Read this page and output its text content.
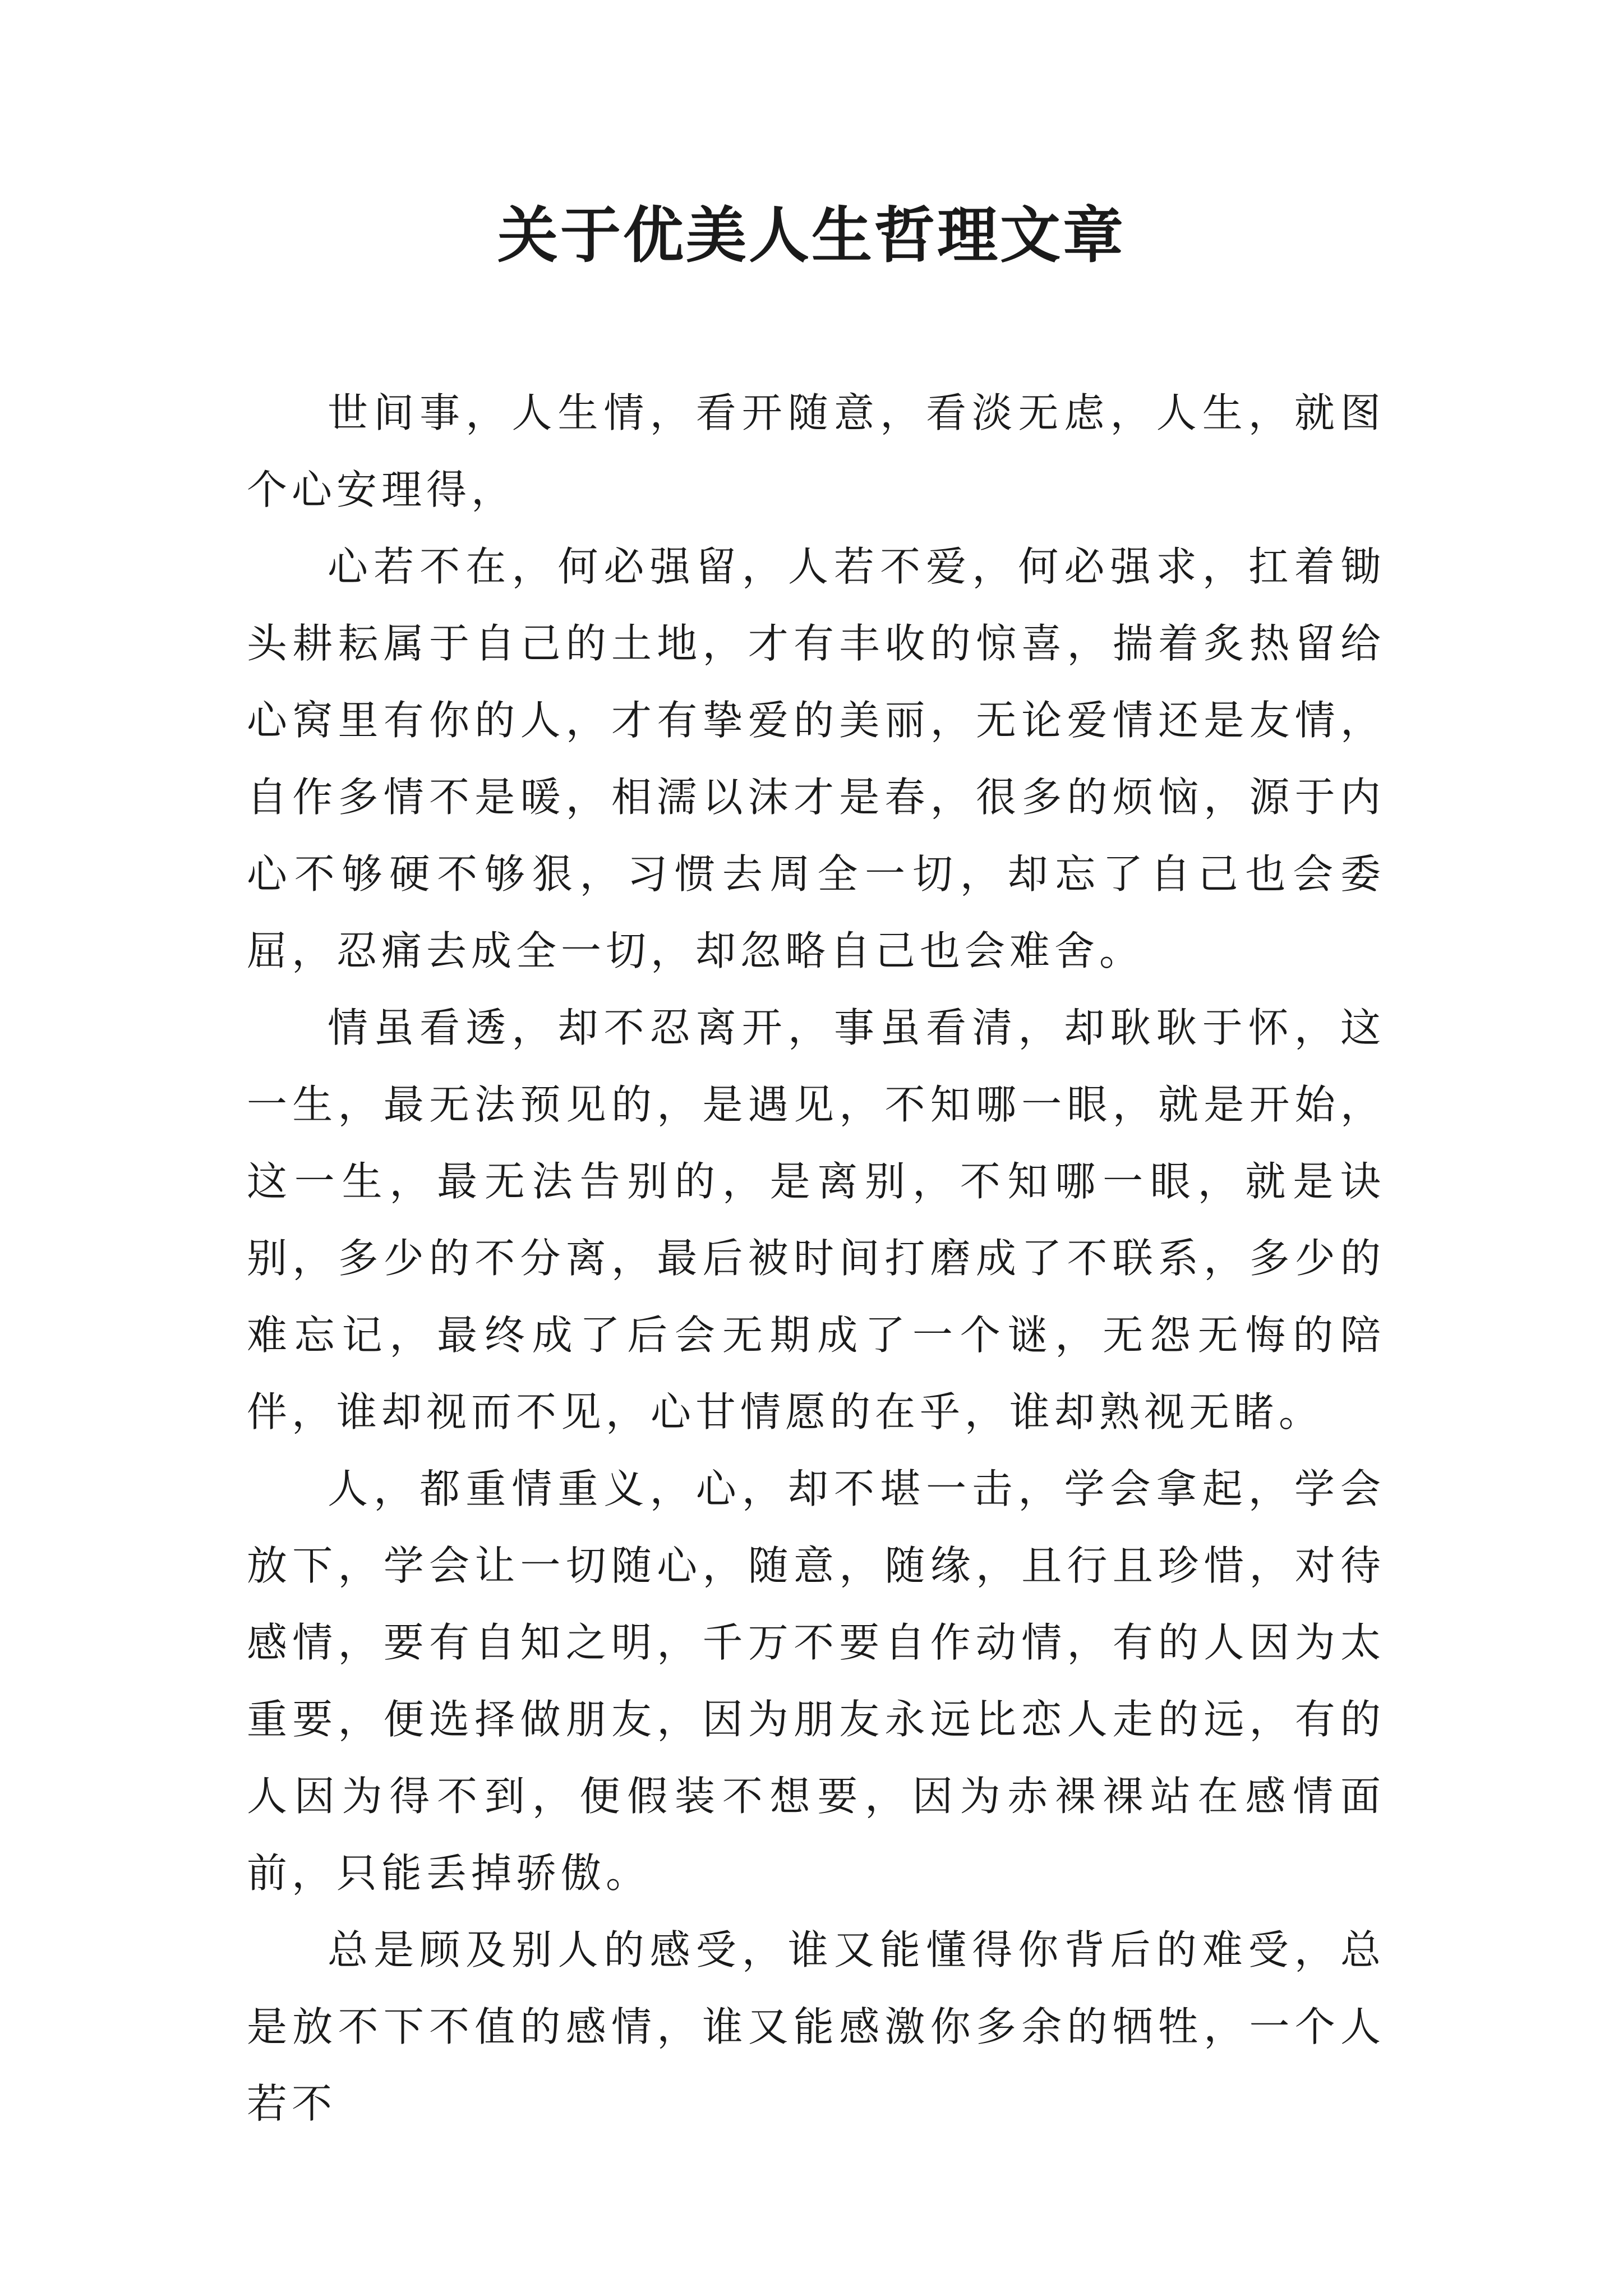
关于优美人生哲理文章

世间事，人生情，看开随意，看淡无虑，人生，就图个心安理得，

心若不在，何必强留，人若不爱，何必强求，扛着锄头耕耘属于自己的土地，才有丰收的惊喜，揣着炙热留给心窝里有你的人，才有挚爱的美丽，无论爱情还是友情，自作多情不是暖，相濡以沫才是春，很多的烦恼，源于内心不够硬不够狠，习惯去周全一切，却忘了自己也会委屈，忍痛去成全一切，却忽略自己也会难舍。

情虽看透，却不忍离开，事虽看清，却耿耿于怀，这一生，最无法预见的，是遇见，不知哪一眼，就是开始，这一生，最无法告别的，是离别，不知哪一眼，就是诀别，多少的不分离，最后被时间打磨成了不联系，多少的难忘记，最终成了后会无期成了一个谜，无怨无悔的陪伴，谁却视而不见，心甘情愿的在乎，谁却熟视无睹。

人，都重情重义，心，却不堪一击，学会拿起，学会放下，学会让一切随心，随意，随缘，且行且珍惜，对待感情，要有自知之明，千万不要自作动情，有的人因为太重要，便选择做朋友，因为朋友永远比恋人走的远，有的人因为得不到，便假装不想要，因为赤裸裸站在感情面前，只能丢掉骄傲。

总是顾及别人的感受，谁又能懂得你背后的难受，总是放不下不值的感情，谁又能感激你多余的牺牲，一个人若不
